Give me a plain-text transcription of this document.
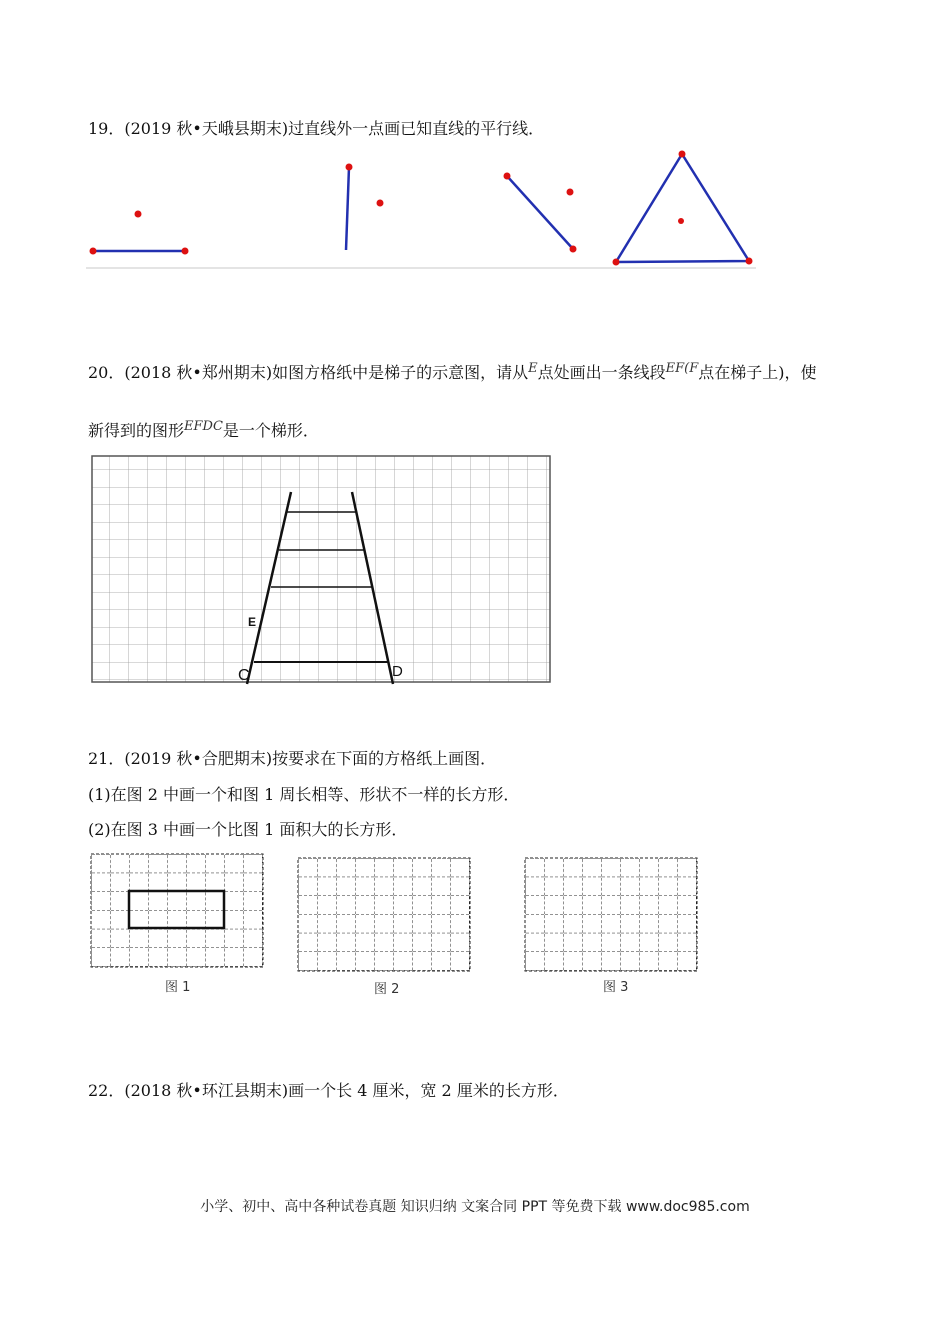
19．(2019 秋•天峨县期末)过直线外一点画已知直线的平行线．
20．(2018 秋•郑州期末)如图方格纸中是梯子的示意图，请从$^E$点处画出一条线段$^{EF(F}$点在梯子上)，使
新得到的图形$^{EFDC}$是一个梯形．
E
C	D
21．(2019 秋•合肥期末)按要求在下面的方格纸上画图．
(1)在图 2 中画一个和图 1 周长相等、形状不一样的长方形．
(2)在图 3 中画一个比图 1 面积大的长方形．
图 1	图 2	图 3
22．(2018 秋•环江县期末)画一个长 4 厘米，宽 2 厘米的长方形．
小学、初中、高中各种试卷真题 知识归纳 文案合同 PPT 等免费下载 www.doc985.com
